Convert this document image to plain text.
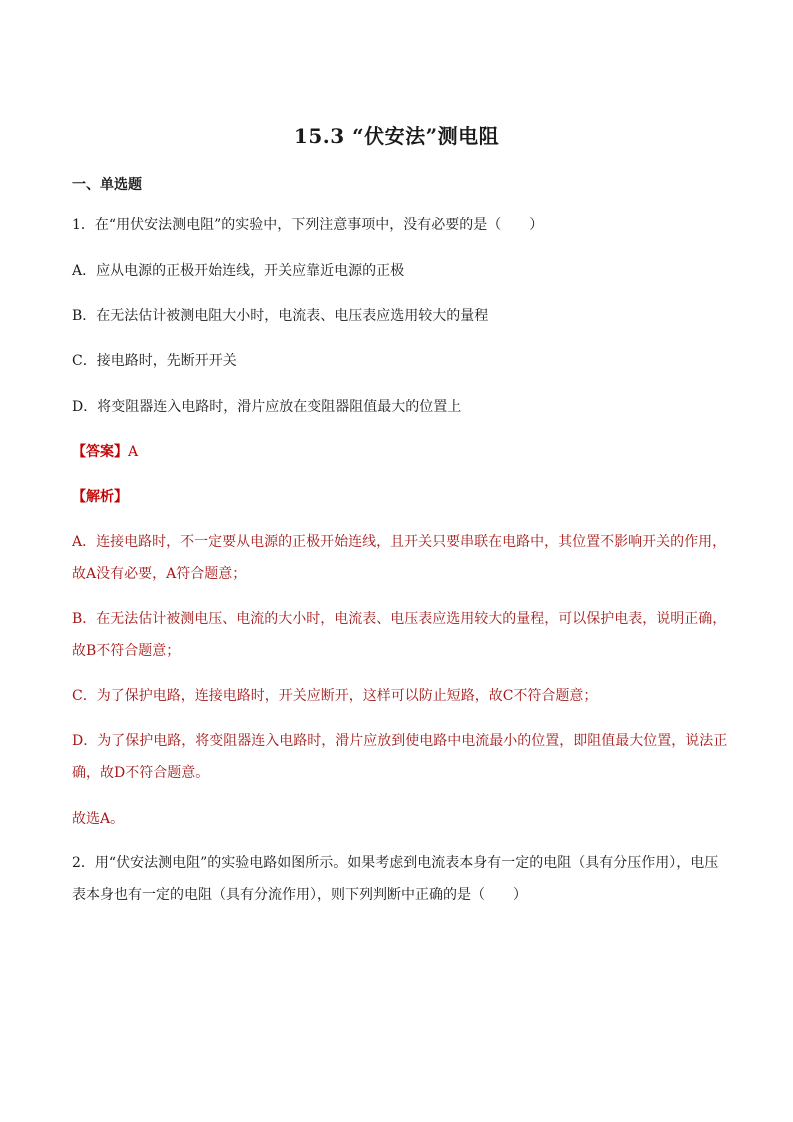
15.3 “伏安法”测电阻
一、单选题
1．在“用伏安法测电阻”的实验中，下列注意事项中，没有必要的是（　　）
A．应从电源的正极开始连线，开关应靠近电源的正极
B．在无法估计被测电阻大小时，电流表、电压表应选用较大的量程
C．接电路时，先断开开关
D．将变阻器连入电路时，滑片应放在变阻器阻值最大的位置上
【答案】A
【解析】
A．连接电路时，不一定要从电源的正极开始连线，且开关只要串联在电路中，其位置不影响开关的作用，故A没有必要，A符合题意；
B．在无法估计被测电压、电流的大小时，电流表、电压表应选用较大的量程，可以保护电表，说明正确，故B不符合题意；
C．为了保护电路，连接电路时，开关应断开，这样可以防止短路，故C不符合题意；
D．为了保护电路，将变阻器连入电路时，滑片应放到使电路中电流最小的位置，即阻值最大位置，说法正确，故D不符合题意。
故选A。
2．用“伏安法测电阻”的实验电路如图所示。如果考虑到电流表本身有一定的电阻（具有分压作用），电压表本身也有一定的电阻（具有分流作用），则下列判断中正确的是（　　）
